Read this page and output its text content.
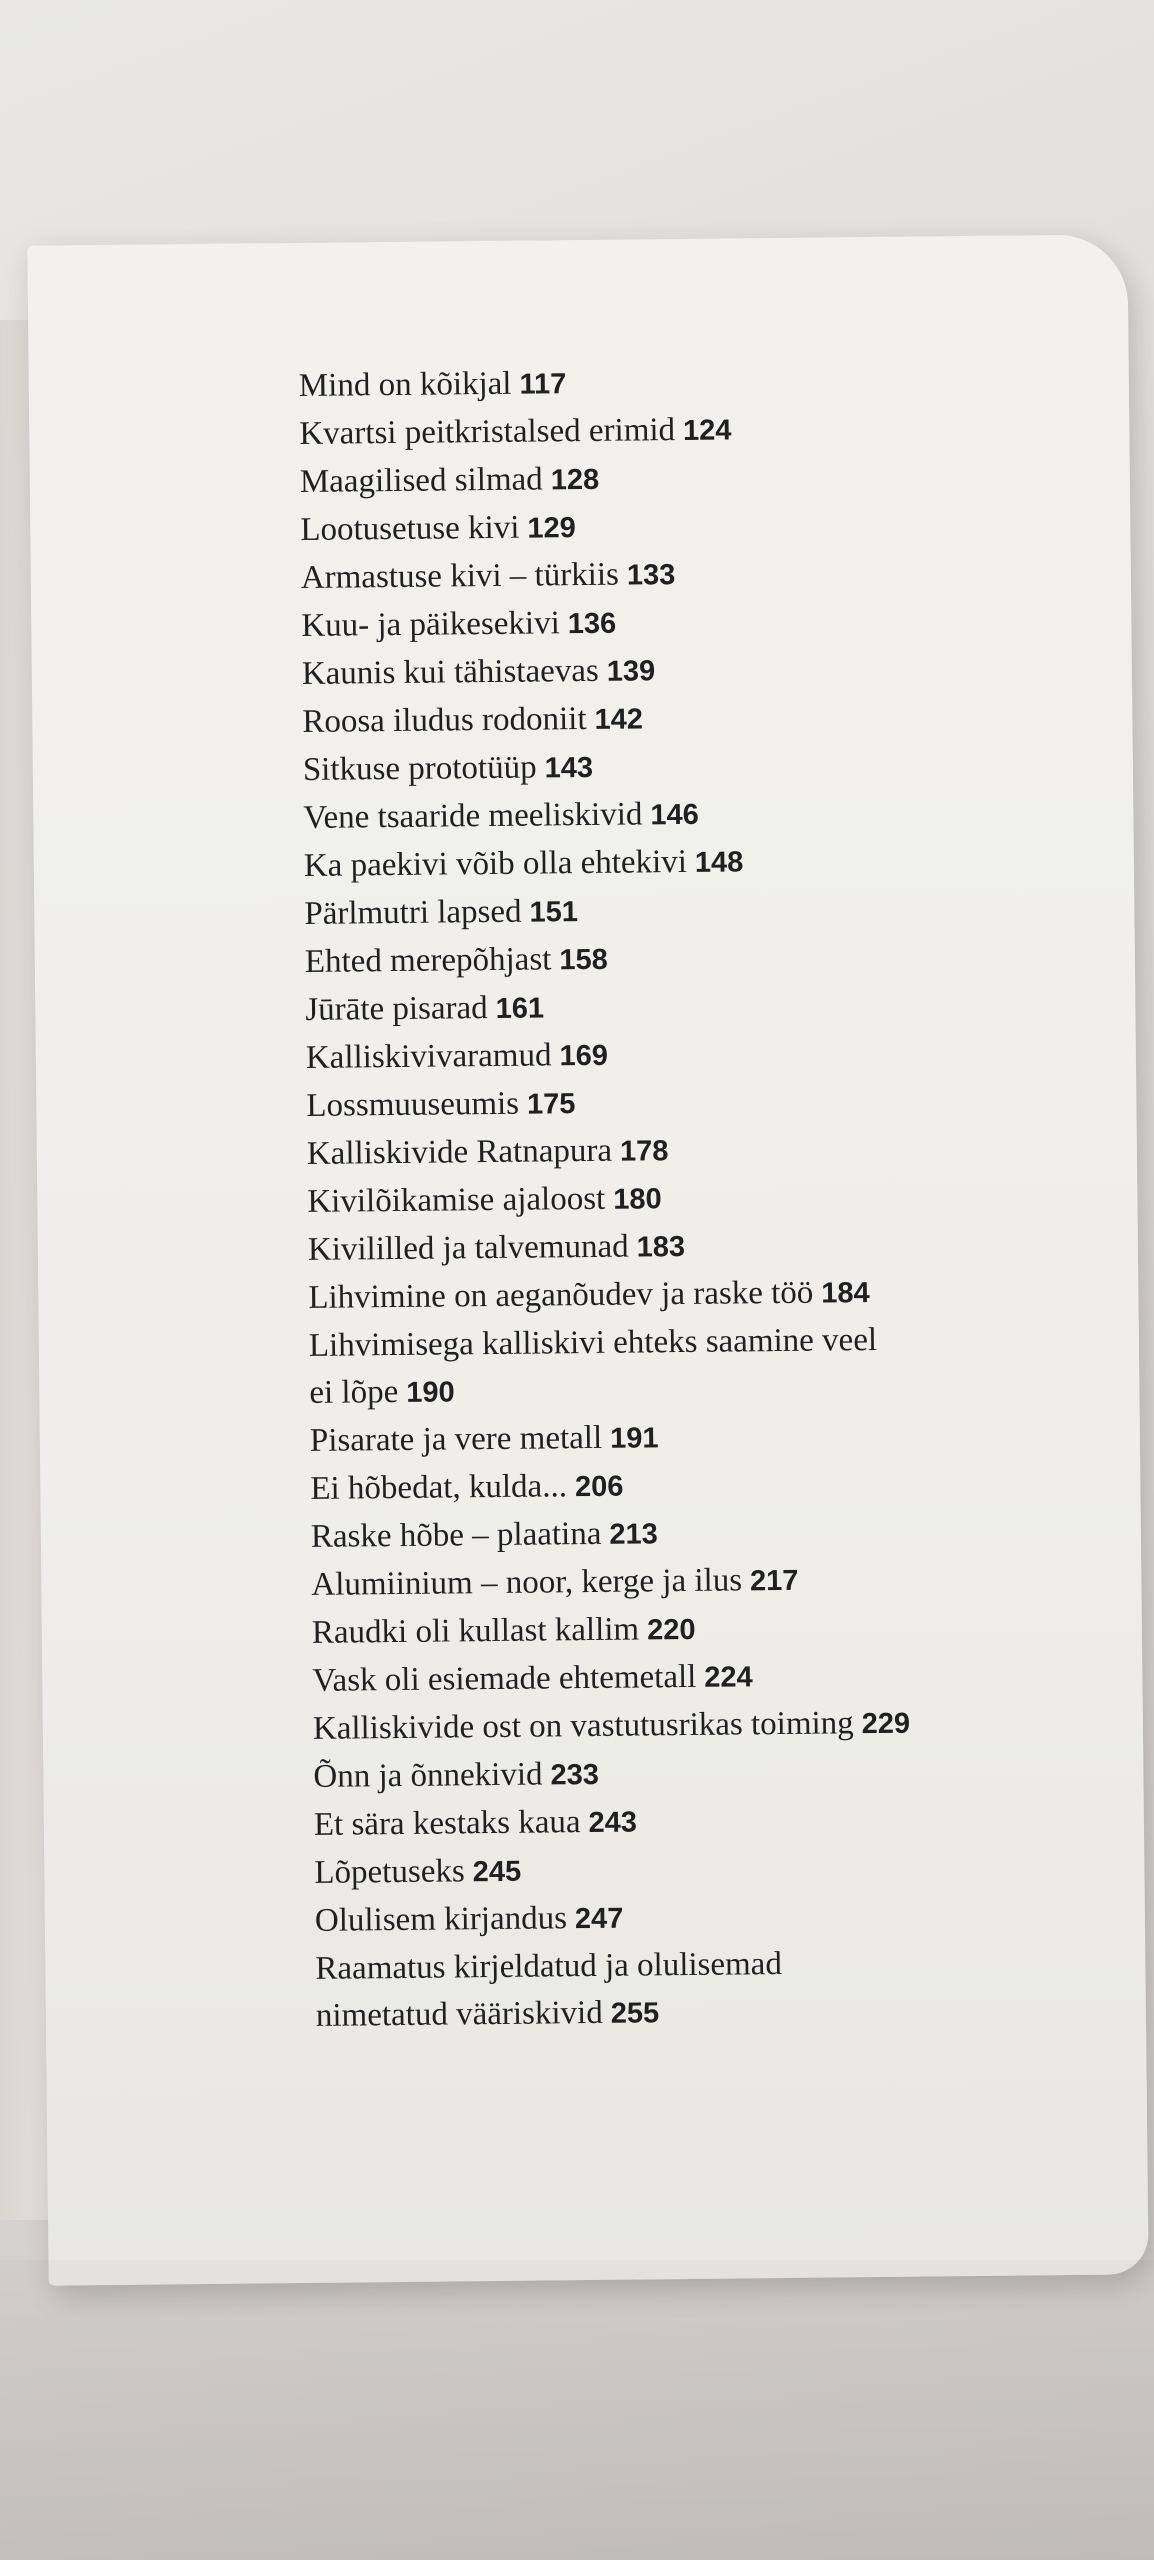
Mind on kõikjal 117

Kvartsi peitkristalsed erimid 124

Maagilised silmad 128

Lootusetuse kivi 129

Armastuse kivi – türkiis 133

Kuu- ja päikesekivi 136

Kaunis kui tähistaevas 139

Roosa iludus rodoniit 142

Sitkuse prototüüp 143

Vene tsaaride meeliskivid 146

Ka paekivi võib olla ehtekivi 148

Pärlmutri lapsed 151

Ehted merepõhjast 158

Jūrāte pisarad 161

Kalliskivivaramud 169

Lossmuuseumis 175

Kalliskivide Ratnapura 178

Kivilõikamise ajaloost 180

Kivililled ja talvemunad 183

Lihvimine on aeganõudev ja raske töö 184

Lihvimisega kalliskivi ehteks saamine veel ei lõpe 190

Pisarate ja vere metall 191

Ei hõbedat, kulda... 206

Raske hõbe – plaatina 213

Alumiinium – noor, kerge ja ilus 217

Raudki oli kullast kallim 220

Vask oli esiemade ehtemetall 224

Kalliskivide ost on vastutusrikas toiming 229

Õnn ja õnnekivid 233

Et sära kestaks kaua 243

Lõpetuseks 245

Olulisem kirjandus 247

Raamatus kirjeldatud ja olulisemad nimetatud vääriskivid 255
